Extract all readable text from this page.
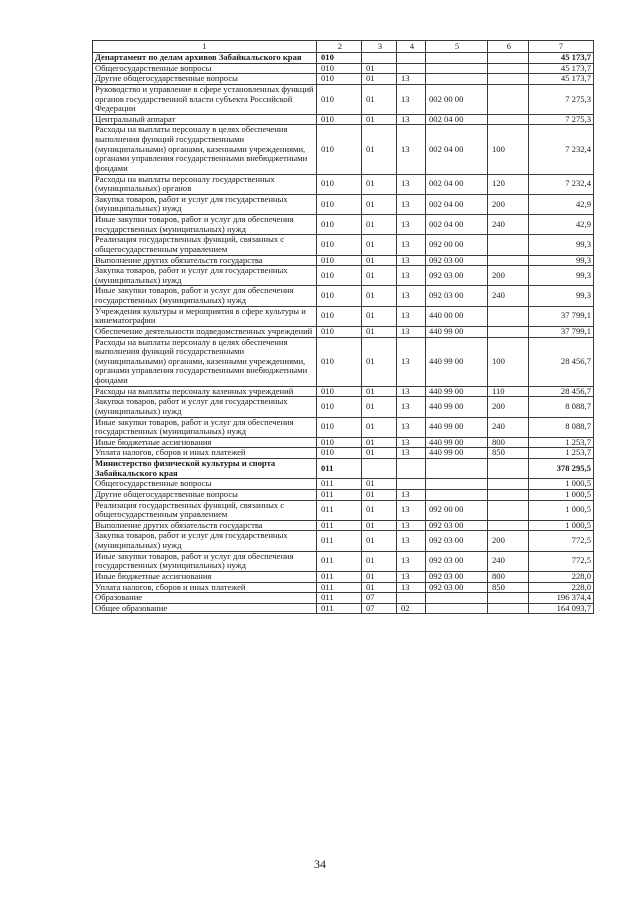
1	2	3	4	5	6	7
Департамент по делам архивов Забайкальского края	010					45 173,7
Общегосударственные вопросы	010	01				45 173,7
Другие общегосударственные вопросы	010	01	13			45 173,7
Руководство и управление в сфере установленных функций органов государственной власти субъекта Российской Федерации	010	01	13	002 00 00		7 275,3
Центральный аппарат	010	01	13	002 04 00		7 275,3
Расходы на выплаты персоналу в целях обеспечения выполнения функций государственными (муниципальными) органами, казенными учреждениями, органами управления государственными внебюджетными фондами	010	01	13	002 04 00	100	7 232,4
Расходы на выплаты персоналу государственных (муниципальных) органов	010	01	13	002 04 00	120	7 232,4
Закупка товаров, работ и услуг для государственных (муниципальных) нужд	010	01	13	002 04 00	200	42,9
Иные закупки товаров, работ и услуг для обеспечения государственных (муниципальных) нужд	010	01	13	002 04 00	240	42,9
Реализация государственных функций, связанных с общегосударственным управлением	010	01	13	092 00 00		99,3
Выполнение других обязательств государства	010	01	13	092 03 00		99,3
Закупка товаров, работ и услуг для государственных (муниципальных) нужд	010	01	13	092 03 00	200	99,3
Иные закупки товаров, работ и услуг для обеспечения государственных (муниципальных) нужд	010	01	13	092 03 00	240	99,3
Учреждения культуры и мероприятия в сфере культуры и кинематографии	010	01	13	440 00 00		37 799,1
Обеспечение деятельности подведомственных учреждений	010	01	13	440 99 00		37 799,1
Расходы на выплаты персоналу в целях обеспечения выполнения функций государственными (муниципальными) органами, казенными учреждениями, органами управления государственными внебюджетными фондами	010	01	13	440 99 00	100	28 456,7
Расходы на выплаты персоналу казенных учреждений	010	01	13	440 99 00	110	28 456,7
Закупка товаров, работ и услуг для государственных (муниципальных) нужд	010	01	13	440 99 00	200	8 088,7
Иные закупки товаров, работ и услуг для обеспечения государственных (муниципальных) нужд	010	01	13	440 99 00	240	8 088,7
Иные бюджетные ассигнования	010	01	13	440 99 00	800	1 253,7
Уплата налогов, сборов и иных платежей	010	01	13	440 99 00	850	1 253,7
Министерство физической культуры и спорта Забайкальского края	011					378 295,5
Общегосударственные вопросы	011	01				1 000,5
Другие общегосударственные вопросы	011	01	13			1 000,5
Реализация государственных функций, связанных с общегосударственным управлением	011	01	13	092 00 00		1 000,5
Выполнение других обязательств государства	011	01	13	092 03 00		1 000,5
Закупка товаров, работ и услуг для государственных (муниципальных) нужд	011	01	13	092 03 00	200	772,5
Иные закупки товаров, работ и услуг для обеспечения государственных (муниципальных) нужд	011	01	13	092 03 00	240	772,5
Иные бюджетные ассигнования	011	01	13	092 03 00	800	228,0
Уплата налогов, сборов и иных платежей	011	01	13	092 03 00	850	228,0
Образование	011	07				196 374,4
Общее образование	011	07	02			164 093,7
34
